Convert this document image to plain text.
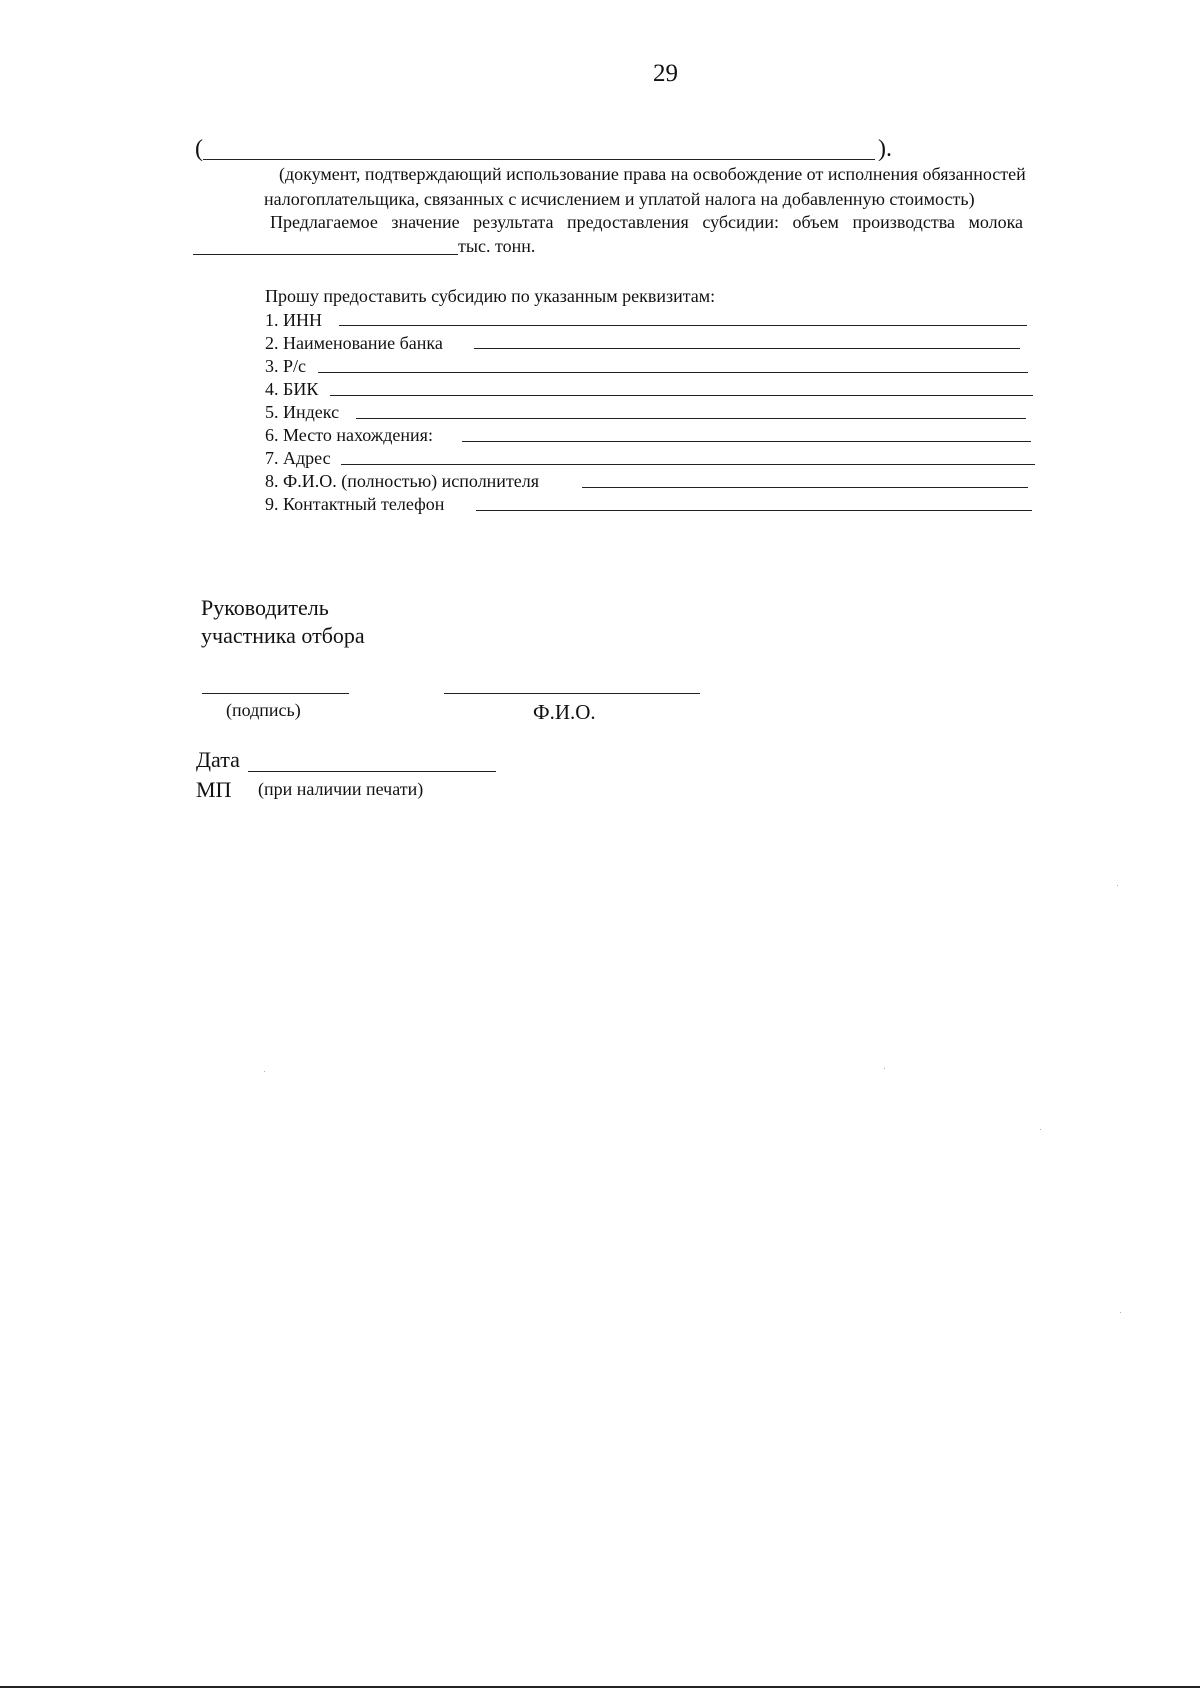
29
(	).
(документ, подтверждающий использование права на освобождение от исполнения обязанностей
налогоплательщика, связанных с исчислением и уплатой налога на добавленную стоимость)
Предлагаемое значение результата предоставления субсидии: объем производства молока
тыс. тонн.
Прошу предоставить субсидию по указанным реквизитам:
1. ИНН
2. Наименование банка
3. Р/с
4. БИК
5. Индекс
6. Место нахождения:
7. Адрес
8. Ф.И.О. (полностью) исполнителя
9. Контактный телефон
Руководитель
участника отбора
(подпись)	Ф.И.О.
Дата
МП (при наличии печати)
